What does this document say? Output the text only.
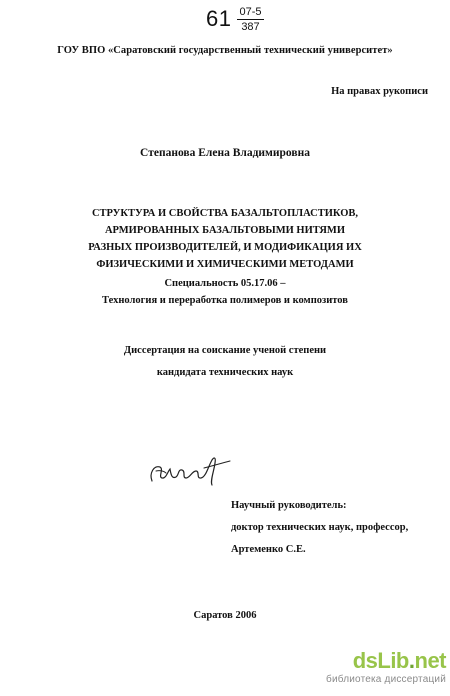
$61 \frac{07-5}{387}$
ГОУ ВПО «Саратовский государственный технический университет»
На правах рукописи
Степанова Елена Владимировна
СТРУКТУРА И СВОЙСТВА БАЗАЛЬТОПЛАСТИКОВ,
АРМИРОВАННЫХ БАЗАЛЬТОВЫМИ НИТЯМИ
РАЗНЫХ ПРОИЗВОДИТЕЛЕЙ, И МОДИФИКАЦИЯ ИХ
ФИЗИЧЕСКИМИ И ХИМИЧЕСКИМИ МЕТОДАМИ
Специальность 05.17.06 –
Технология и переработка полимеров и композитов
Диссертация на соискание ученой степени
кандидата технических наук
Научный руководитель:
доктор технических наук, профессор,
Артеменко С.Е.
Саратов 2006
dsLib.net
библиотека диссертаций
